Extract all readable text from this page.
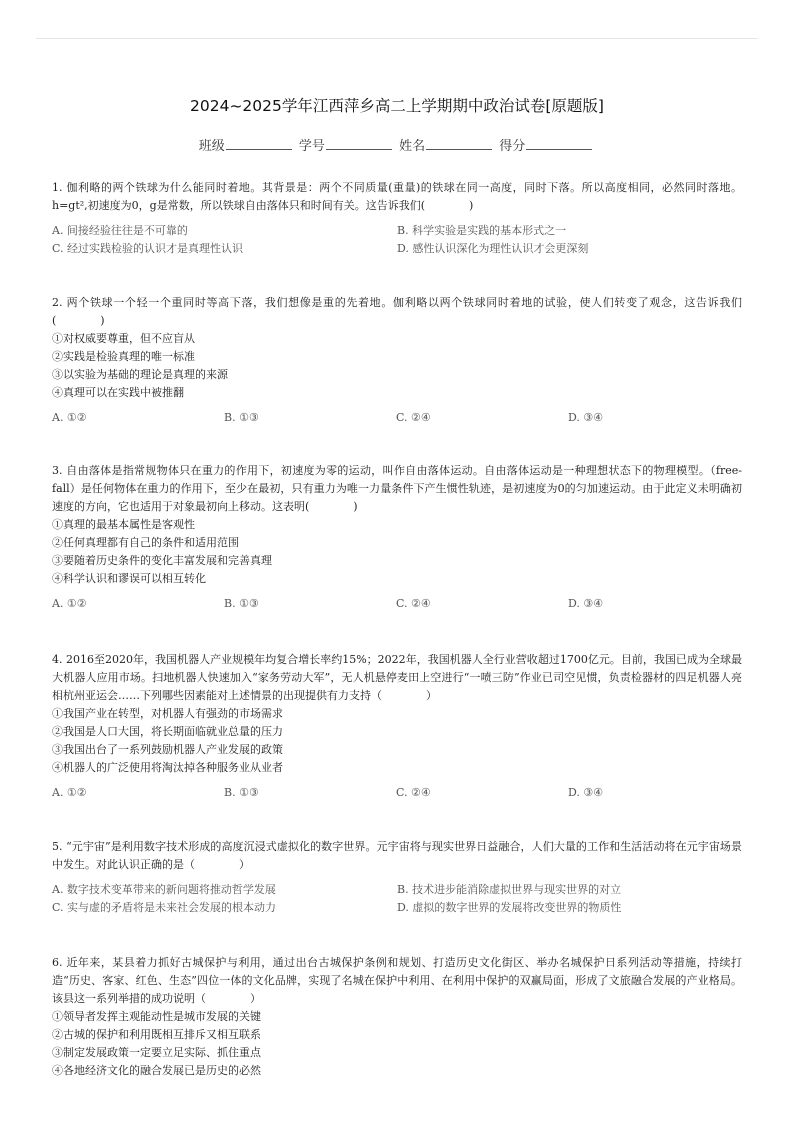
2024~2025学年江西萍乡高二上学期期中政治试卷[原题版]
班级	学号	姓名	得分
1. 伽利略的两个铁球为什么能同时着地。其背景是：两个不同质量(重量)的铁球在同一高度，同时下落。所以高度相同，必然同时落地。 h=gt²,初速度为0，g是常数，所以铁球自由落体只和时间有关。这告诉我们(　　　　)
A. 间接经验往往是不可靠的	B. 科学实验是实践的基本形式之一
C. 经过实践检验的认识才是真理性认识	D. 感性认识深化为理性认识才会更深刻
2. 两个铁球一个轻一个重同时等高下落，我们想像是重的先着地。伽利略以两个铁球同时着地的试验，使人们转变了观念，这告诉我们(　　　　)
①对权威要尊重，但不应盲从
②实践是检验真理的唯一标准
③以实验为基础的理论是真理的来源
④真理可以在实践中被推翻
A. ①②	B. ①③	C. ②④	D. ③④
3. 自由落体是指常规物体只在重力的作用下，初速度为零的运动，叫作自由落体运动。自由落体运动是一种理想状态下的物理模型。（free-fall）是任何物体在重力的作用下，至少在最初，只有重力为唯一力量条件下产生惯性轨迹，是初速度为0的匀加速运动。由于此定义未明确初速度的方向，它也适用于对象最初向上移动。这表明(　　　　)
①真理的最基本属性是客观性
②任何真理都有自己的条件和适用范围
③要随着历史条件的变化丰富发展和完善真理
④科学认识和谬误可以相互转化
A. ①②	B. ①③	C. ②④	D. ③④
4. 2016至2020年，我国机器人产业规模年均复合增长率约15%；2022年，我国机器人全行业营收超过1700亿元。目前，我国已成为全球最大机器人应用市场。扫地机器人快速加入“家务劳动大军”，无人机悬停麦田上空进行“一喷三防”作业已司空见惯，负责检器材的四足机器人亮相杭州亚运会……下列哪些因素能对上述情景的出现提供有力支持（　　　　）
①我国产业在转型，对机器人有强劲的市场需求
②我国是人口大国，将长期面临就业总量的压力
③我国出台了一系列鼓励机器人产业发展的政策
④机器人的广泛使用将淘汰掉各种服务业从业者
A. ①②	B. ①③	C. ②④	D. ③④
5. “元宇宙”是利用数字技术形成的高度沉浸式虚拟化的数字世界。元宇宙将与现实世界日益融合，人们大量的工作和生活活动将在元宇宙场景中发生。对此认识正确的是（　　　　）
A. 数字技术变革带来的新问题将推动哲学发展	B. 技术进步能消除虚拟世界与现实世界的对立
C. 实与虚的矛盾将是未来社会发展的根本动力	D. 虚拟的数字世界的发展将改变世界的物质性
6. 近年来，某县着力抓好古城保护与利用，通过出台古城保护条例和规划、打造历史文化街区、举办名城保护日系列活动等措施，持续打造“历史、客家、红色、生态”四位一体的文化品牌，实现了名城在保护中利用、在利用中保护的双赢局面，形成了文旅融合发展的产业格局。该县这一系列举措的成功说明（　　　　）
①领导者发挥主观能动性是城市发展的关键
②古城的保护和利用既相互排斥又相互联系
③制定发展政策一定要立足实际、抓住重点
④各地经济文化的融合发展已是历史的必然
